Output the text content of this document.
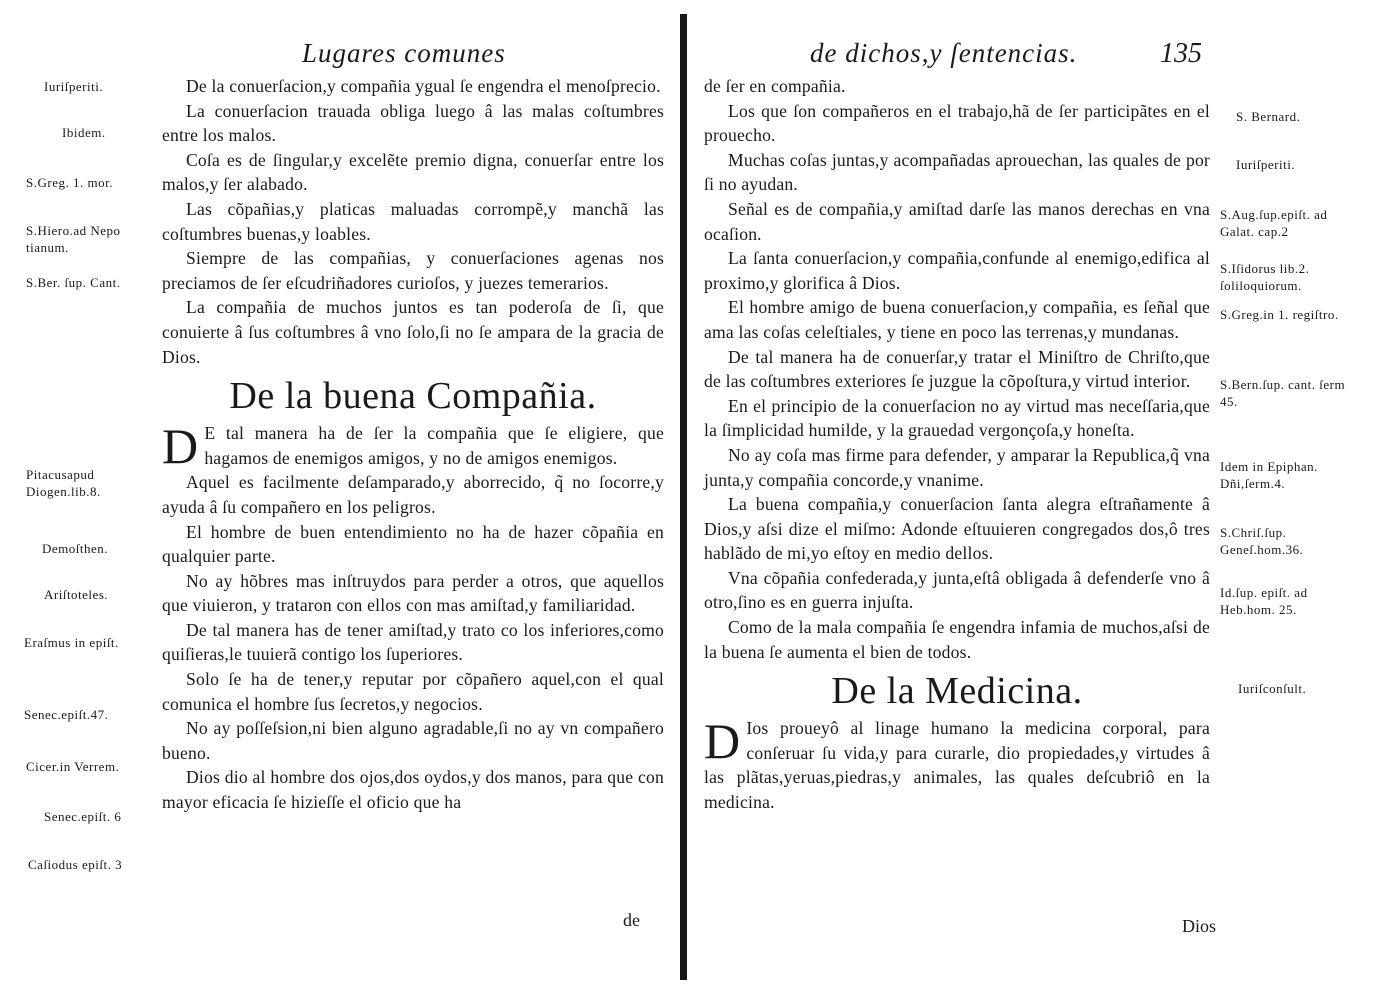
Lugares comunes
Iuriſperiti.
Ibidem.
S.Greg. 1. mor.
S.Hiero.ad Nepo tianum.
S.Ber. ſup. Cant.
Pitacusapud Diogen.lib.8.
Demoſthen.
Ariſtoteles.
Eraſmus in epiſt.
Senec.epiſt.47.
Cicer.in Verrem.
Senec.epiſt. 6
Caſiodus epiſt. 3

De la conuerſacion,y compañia ygual ſe engendra el menoſprecio.

La conuerſacion trauada obliga luego â las malas coſtumbres entre los malos.

Coſa es de ſingular,y excelẽte premio digna, conuerſar entre los malos,y ſer alabado.

Las cõpañias,y platicas maluadas corrompẽ,y manchã las coſtumbres buenas,y loables.

Siempre de las compañias, y conuerſaciones agenas nos preciamos de ſer eſcudriñadores curioſos, y juezes temerarios.

La compañia de muchos juntos es tan poderoſa de ſi, que conuierte â ſus coſtumbres â vno ſolo,ſi no ſe ampara de la gracia de Dios.

De la buena Compañia.

D E tal manera ha de ſer la compañia que ſe eligiere, que hagamos de enemigos amigos, y no de amigos enemigos.

Aquel es facilmente deſamparado,y aborrecido, q̃ no ſocorre,y ayuda â ſu compañero en los peligros.

El hombre de buen entendimiento no ha de hazer cõpañia en qualquier parte.

No ay hõbres mas inſtruydos para perder a otros, que aquellos que viuieron, y trataron con ellos con mas amiſtad,y familiaridad.

De tal manera has de tener amiſtad,y trato co los inferiores,como quiſieras,le tuuierã contigo los ſuperiores.

Solo ſe ha de tener,y reputar por cõpañero aquel,con el qual comunica el hombre ſus ſecretos,y negocios.

No ay poſſeſsion,ni bien alguno agradable,ſi no ay vn compañero bueno.

Dios dio al hombre dos ojos,dos oydos,y dos manos, para que con mayor eficacia ſe hizieſſe el oficio que ha

de
de dichos,y ſentencias.	135
S. Bernard.
Iuriſperiti.
S.Aug.ſup.epiſt. ad Galat. cap.2
S.Iſidorus lib.2. ſoliloquiorum.
S.Greg.in 1. regiſtro.
S.Bern.ſup. cant. ſerm 45.
Idem in Epiphan. Dñi,ſerm.4.
S.Chriſ.ſup. Geneſ.hom.36.
Id.ſup. epiſt. ad Heb.hom. 25.
Iuriſconſult.

de ſer en compañia.

Los que ſon compañeros en el trabajo,hã de ſer participãtes en el prouecho.

Muchas coſas juntas,y acompañadas aprouechan, las quales de por ſi no ayudan.

Señal es de compañia,y amiſtad darſe las manos derechas en vna ocaſion.

La ſanta conuerſacion,y compañia,confunde al enemigo,edifica al proximo,y glorifica â Dios.

El hombre amigo de buena conuerſacion,y compañia, es ſeñal que ama las coſas celeſtiales, y tiene en poco las terrenas,y mundanas.

De tal manera ha de conuerſar,y tratar el Miniſtro de Chriſto,que de las coſtumbres exteriores ſe juzgue la cõpoſtura,y virtud interior.

En el principio de la conuerſacion no ay virtud mas neceſſaria,que la ſimplicidad humilde, y la grauedad vergonçoſa,y honeſta.

No ay coſa mas firme para defender, y amparar la Republica,q̃ vna junta,y compañia concorde,y vnanime.

La buena compañia,y conuerſacion ſanta alegra eſtrañamente â Dios,y aſsi dize el miſmo: Adonde eſtuuieren congregados dos,ô tres hablãdo de mi,yo eſtoy en medio dellos.

Vna cõpañia confederada,y junta,eſtâ obligada â defenderſe vno â otro,ſino es en guerra injuſta.

Como de la mala compañia ſe engendra infamia de muchos,aſsi de la buena ſe aumenta el bien de todos.

De la Medicina.

D Ios proueyô al linage humano la medicina corporal, para conſeruar ſu vida,y para curarle, dio propiedades,y virtudes â las plãtas,yeruas,piedras,y animales, las quales deſcubriô en la medicina.

Dios
